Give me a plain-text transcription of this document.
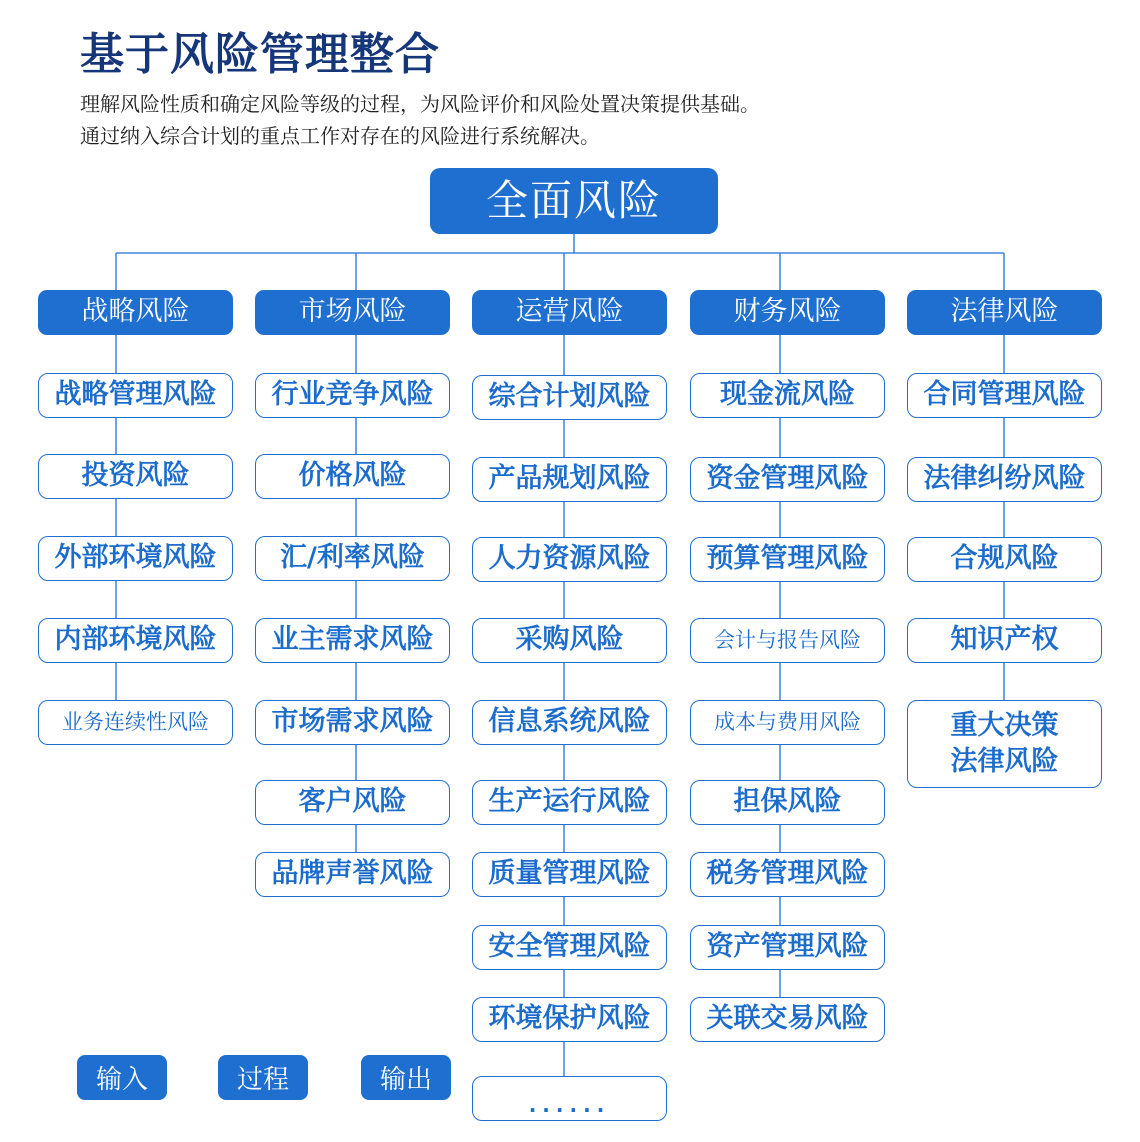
基于风险管理整合
理解风险性质和确定风险等级的过程，为风险评价和风险处置决策提供基础。
通过纳入综合计划的重点工作对存在的风险进行系统解决。
全面风险
战略风险
战略管理风险
投资风险
外部环境风险
内部环境风险
业务连续性风险
市场风险
行业竞争风险
价格风险
汇/利率风险
业主需求风险
市场需求风险
客户风险
品牌声誉风险
运营风险
综合计划风险
产品规划风险
人力资源风险
采购风险
信息系统风险
生产运行风险
质量管理风险
安全管理风险
环境保护风险
......
财务风险
现金流风险
资金管理风险
预算管理风险
会计与报告风险
成本与费用风险
担保风险
税务管理风险
资产管理风险
关联交易风险
法律风险
合同管理风险
法律纠纷风险
合规风险
知识产权
重大决策法律风险
输入	过程	输出
